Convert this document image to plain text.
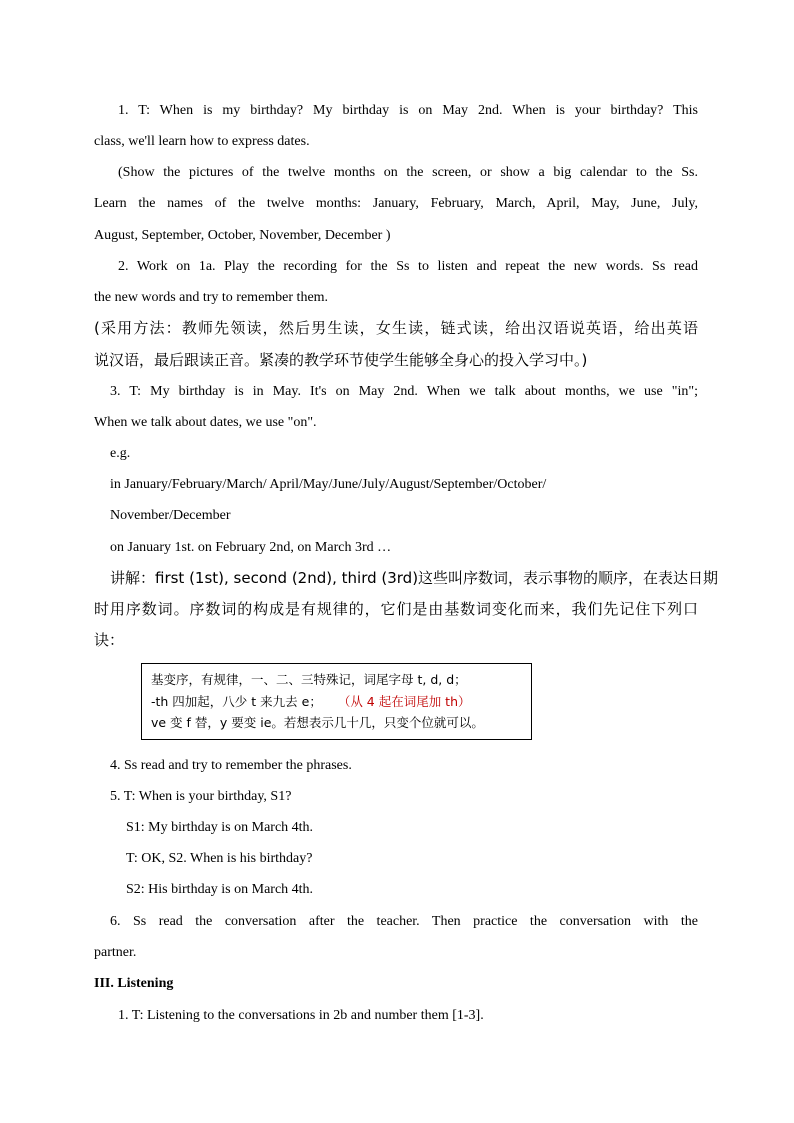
1. T: When is my birthday? My birthday is on May 2nd. When is your birthday? This
class, we'll learn how to express dates.
(Show the pictures of the twelve months on the screen, or show a big calendar to the Ss.
Learn the names of the twelve months: January, February, March, April, May, June, July,
August, September, October, November, December )
2. Work on 1a. Play the recording for the Ss to listen and repeat the new words. Ss read
the new words and try to remember them.
(采用方法：教师先领读，然后男生读，女生读，链式读，给出汉语说英语，给出英语
说汉语，最后跟读正音。紧凑的教学环节使学生能够全身心的投入学习中。)
3. T: My birthday is in May. It's on May 2nd. When we talk about months, we use "in";
When we talk about dates, we use "on".
e.g.
in January/February/March/ April/May/June/July/August/September/October/
November/December
on January 1st. on February 2nd, on March 3rd …
讲解：first (1st), second (2nd), third (3rd)这些叫序数词，表示事物的顺序，在表达日期
时用序数词。序数词的构成是有规律的，它们是由基数词变化而来，我们先记住下列口
诀：
基变序，有规律，一、二、三特殊记，词尾字母 t, d, d；
-th 四加起，八少 t 来九去 e； （从 4 起在词尾加 th）
ve 变 f 替，y 要变 ie。若想表示几十几，只变个位就可以。
4. Ss read and try to remember the phrases.
5. T: When is your birthday, S1?
S1: My birthday is on March 4th.
T: OK, S2. When is his birthday?
S2: His birthday is on March 4th.
6. Ss read the conversation after the teacher. Then practice the conversation with the
partner.
III. Listening
1. T: Listening to the conversations in 2b and number them [1-3].
